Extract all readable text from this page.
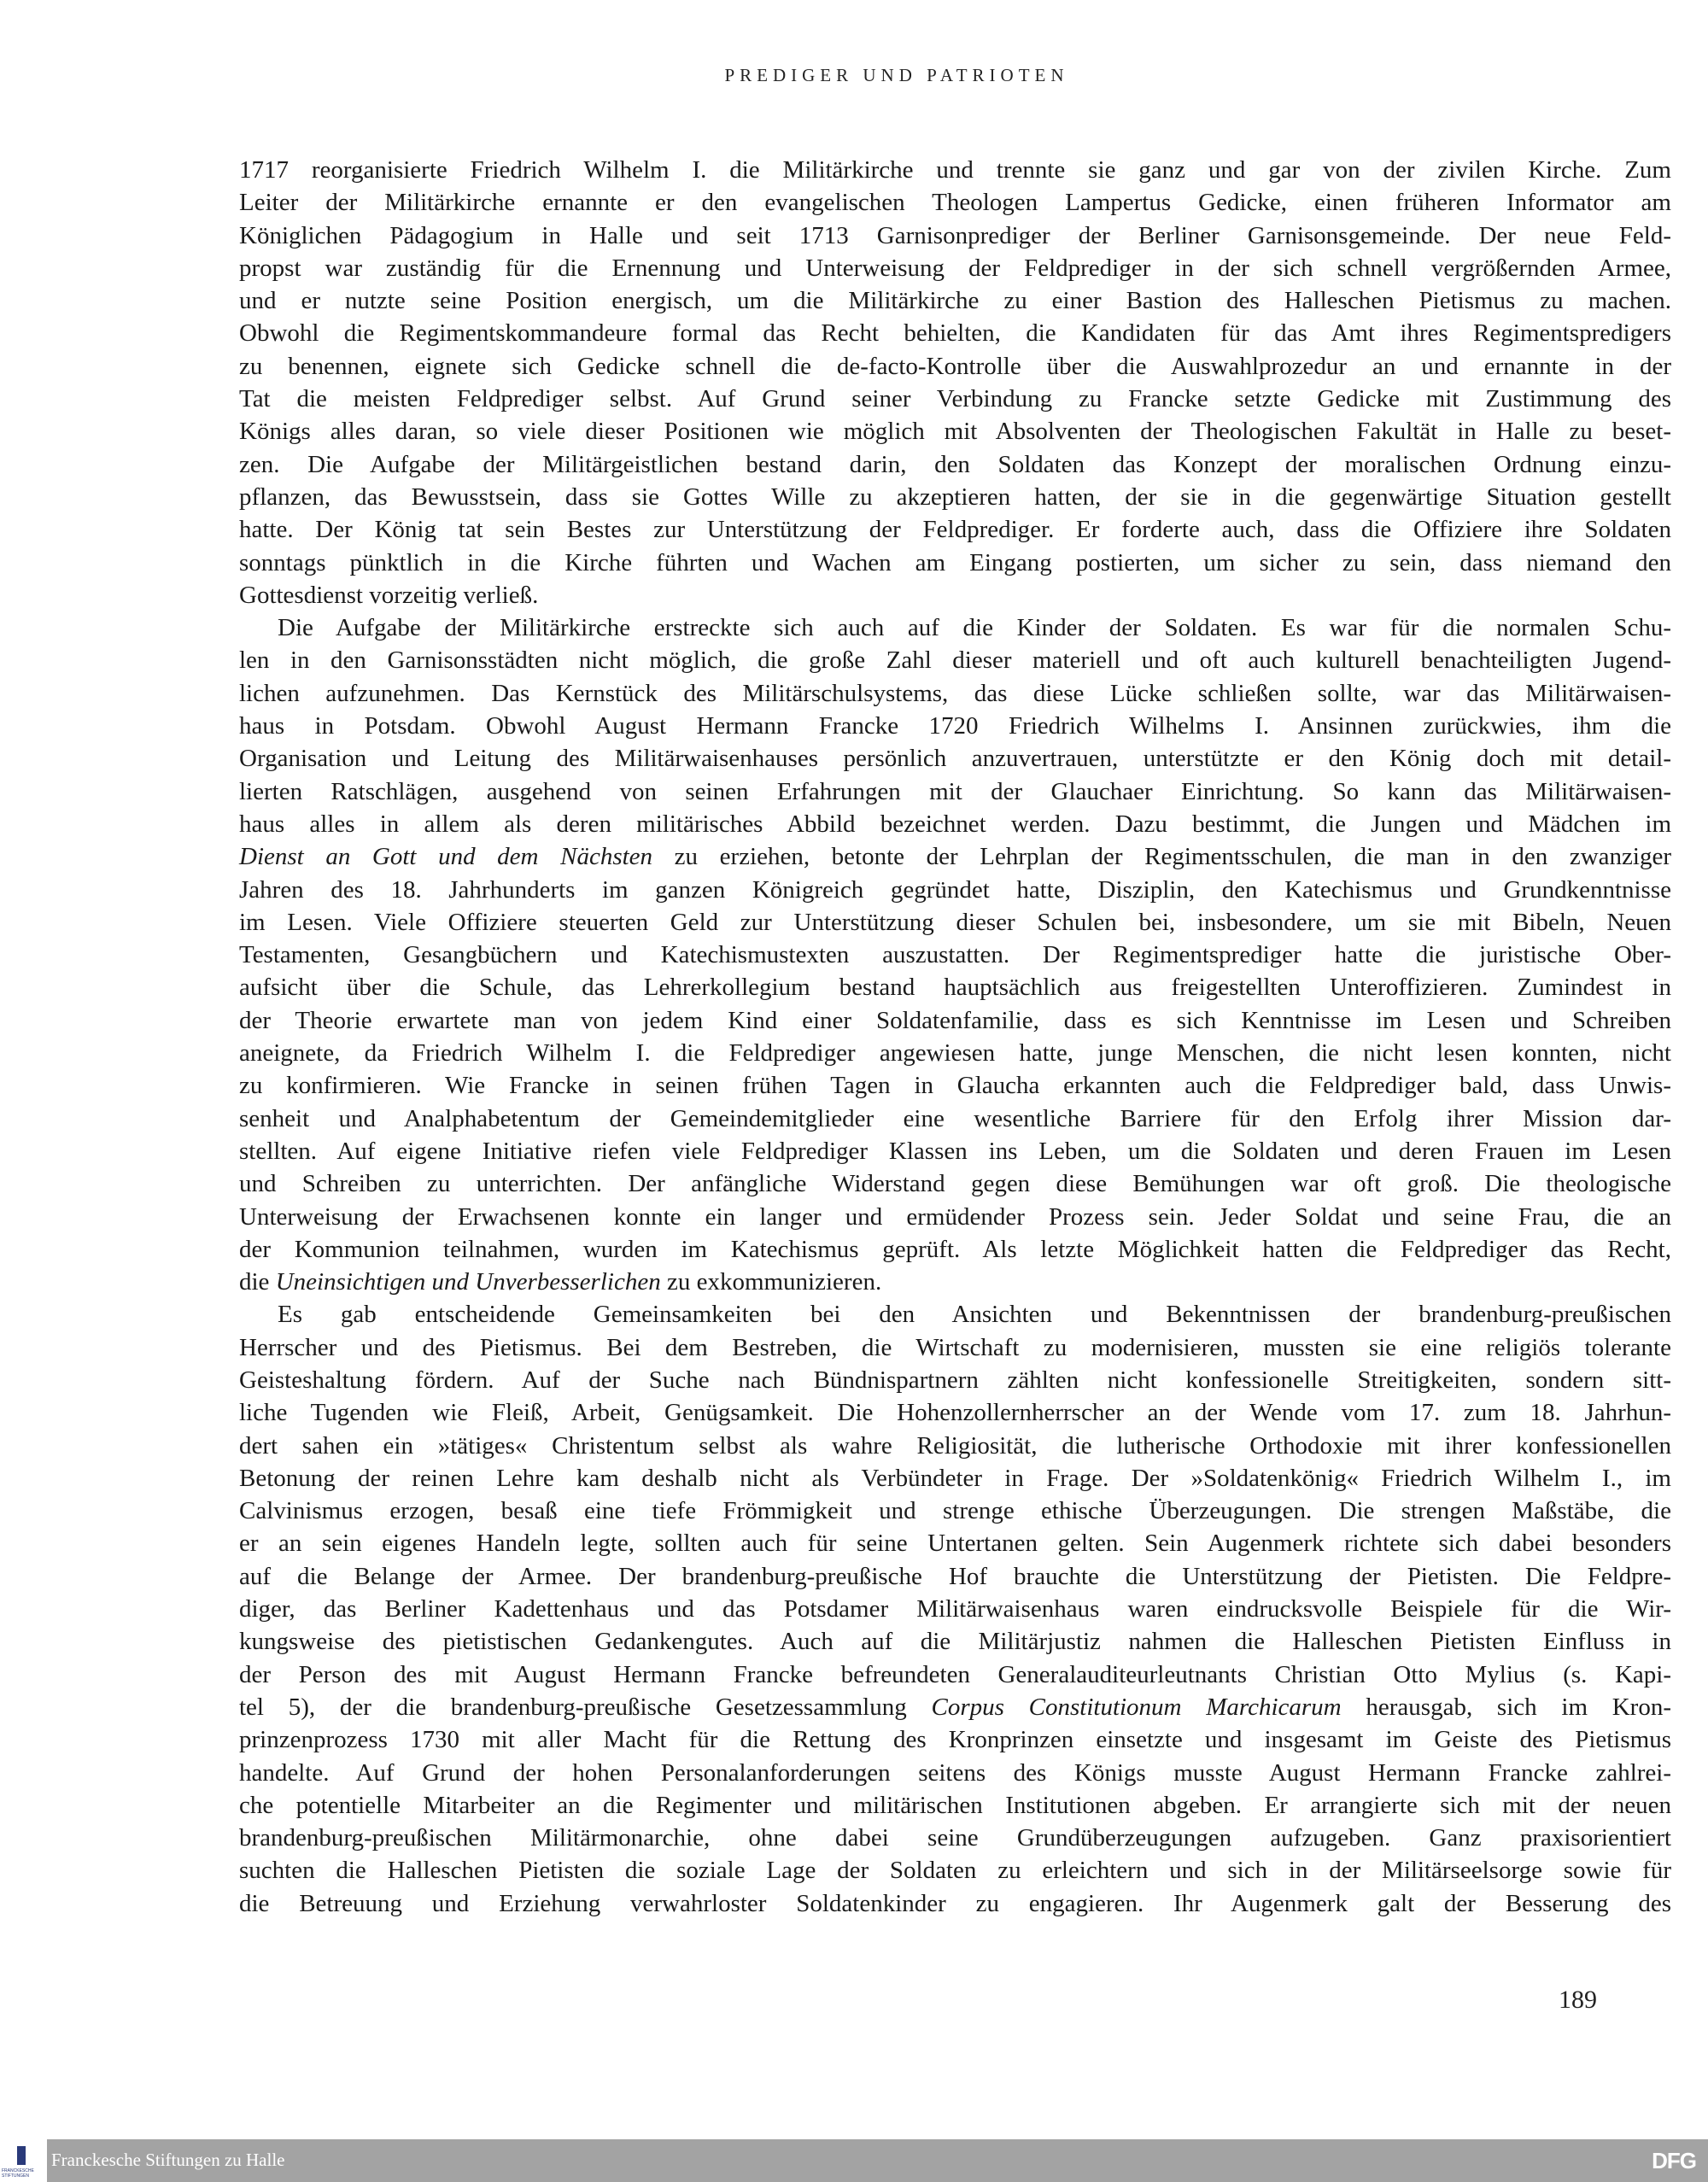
PREDIGER UND PATRIOTEN
1717 reorganisierte Friedrich Wilhelm I. die Militärkirche und trennte sie ganz und gar von der zivilen Kirche. Zum
Leiter der Militärkirche ernannte er den evangelischen Theologen Lampertus Gedicke, einen früheren Informator am
Königlichen Pädagogium in Halle und seit 1713 Garnisonprediger der Berliner Garnisonsgemeinde. Der neue Feld-
propst war zuständig für die Ernennung und Unterweisung der Feldprediger in der sich schnell vergrößernden Armee,
und er nutzte seine Position energisch, um die Militärkirche zu einer Bastion des Halleschen Pietismus zu machen.
Obwohl die Regimentskommandeure formal das Recht behielten, die Kandidaten für das Amt ihres Regimentspredigers
zu benennen, eignete sich Gedicke schnell die de-facto-Kontrolle über die Auswahlprozedur an und ernannte in der
Tat die meisten Feldprediger selbst. Auf Grund seiner Verbindung zu Francke setzte Gedicke mit Zustimmung des
Königs alles daran, so viele dieser Positionen wie möglich mit Absolventen der Theologischen Fakultät in Halle zu beset-
zen. Die Aufgabe der Militärgeistlichen bestand darin, den Soldaten das Konzept der moralischen Ordnung einzu-
pflanzen, das Bewusstsein, dass sie Gottes Wille zu akzeptieren hatten, der sie in die gegenwärtige Situation gestellt
hatte. Der König tat sein Bestes zur Unterstützung der Feldprediger. Er forderte auch, dass die Offiziere ihre Soldaten
sonntags pünktlich in die Kirche führten und Wachen am Eingang postierten, um sicher zu sein, dass niemand den
Gottesdienst vorzeitig verließ.
Die Aufgabe der Militärkirche erstreckte sich auch auf die Kinder der Soldaten. Es war für die normalen Schu-
len in den Garnisonsstädten nicht möglich, die große Zahl dieser materiell und oft auch kulturell benachteiligten Jugend-
lichen aufzunehmen. Das Kernstück des Militärschulsystems, das diese Lücke schließen sollte, war das Militärwaisen-
haus in Potsdam. Obwohl August Hermann Francke 1720 Friedrich Wilhelms I. Ansinnen zurückwies, ihm die
Organisation und Leitung des Militärwaisenhauses persönlich anzuvertrauen, unterstützte er den König doch mit detail-
lierten Ratschlägen, ausgehend von seinen Erfahrungen mit der Glauchaer Einrichtung. So kann das Militärwaisen-
haus alles in allem als deren militärisches Abbild bezeichnet werden. Dazu bestimmt, die Jungen und Mädchen im
Dienst an Gott und dem Nächsten zu erziehen, betonte der Lehrplan der Regimentsschulen, die man in den zwanziger
Jahren des 18. Jahrhunderts im ganzen Königreich gegründet hatte, Disziplin, den Katechismus und Grundkenntnisse
im Lesen. Viele Offiziere steuerten Geld zur Unterstützung dieser Schulen bei, insbesondere, um sie mit Bibeln, Neuen
Testamenten, Gesangbüchern und Katechismustexten auszustatten. Der Regimentsprediger hatte die juristische Ober-
aufsicht über die Schule, das Lehrerkollegium bestand hauptsächlich aus freigestellten Unteroffizieren. Zumindest in
der Theorie erwartete man von jedem Kind einer Soldatenfamilie, dass es sich Kenntnisse im Lesen und Schreiben
aneignete, da Friedrich Wilhelm I. die Feldprediger angewiesen hatte, junge Menschen, die nicht lesen konnten, nicht
zu konfirmieren. Wie Francke in seinen frühen Tagen in Glaucha erkannten auch die Feldprediger bald, dass Unwis-
senheit und Analphabetentum der Gemeindemitglieder eine wesentliche Barriere für den Erfolg ihrer Mission dar-
stellten. Auf eigene Initiative riefen viele Feldprediger Klassen ins Leben, um die Soldaten und deren Frauen im Lesen
und Schreiben zu unterrichten. Der anfängliche Widerstand gegen diese Bemühungen war oft groß. Die theologische
Unterweisung der Erwachsenen konnte ein langer und ermüdender Prozess sein. Jeder Soldat und seine Frau, die an
der Kommunion teilnahmen, wurden im Katechismus geprüft. Als letzte Möglichkeit hatten die Feldprediger das Recht,
die Uneinsichtigen und Unverbesserlichen zu exkommunizieren.
Es gab entscheidende Gemeinsamkeiten bei den Ansichten und Bekenntnissen der brandenburg-preußischen
Herrscher und des Pietismus. Bei dem Bestreben, die Wirtschaft zu modernisieren, mussten sie eine religiös tolerante
Geisteshaltung fördern. Auf der Suche nach Bündnispartnern zählten nicht konfessionelle Streitigkeiten, sondern sitt-
liche Tugenden wie Fleiß, Arbeit, Genügsamkeit. Die Hohenzollernherrscher an der Wende vom 17. zum 18. Jahrhun-
dert sahen ein »tätiges« Christentum selbst als wahre Religiosität, die lutherische Orthodoxie mit ihrer konfessionellen
Betonung der reinen Lehre kam deshalb nicht als Verbündeter in Frage. Der »Soldatenkönig« Friedrich Wilhelm I., im
Calvinismus erzogen, besaß eine tiefe Frömmigkeit und strenge ethische Überzeugungen. Die strengen Maßstäbe, die
er an sein eigenes Handeln legte, sollten auch für seine Untertanen gelten. Sein Augenmerk richtete sich dabei besonders
auf die Belange der Armee. Der brandenburg-preußische Hof brauchte die Unterstützung der Pietisten. Die Feldpre-
diger, das Berliner Kadettenhaus und das Potsdamer Militärwaisenhaus waren eindrucksvolle Beispiele für die Wir-
kungsweise des pietistischen Gedankengutes. Auch auf die Militärjustiz nahmen die Halleschen Pietisten Einfluss in
der Person des mit August Hermann Francke befreundeten Generalauditeurleutnants Christian Otto Mylius (s. Kapi-
tel 5), der die brandenburg-preußische Gesetzessammlung Corpus Constitutionum Marchicarum herausgab, sich im Kron-
prinzenprozess 1730 mit aller Macht für die Rettung des Kronprinzen einsetzte und insgesamt im Geiste des Pietismus
handelte. Auf Grund der hohen Personalanforderungen seitens des Königs musste August Hermann Francke zahlrei-
che potentielle Mitarbeiter an die Regimenter und militärischen Institutionen abgeben. Er arrangierte sich mit der neuen
brandenburg-preußischen Militärmonarchie, ohne dabei seine Grundüberzeugungen aufzugeben. Ganz praxisorientiert
suchten die Halleschen Pietisten die soziale Lage der Soldaten zu erleichtern und sich in der Militärseelsorge sowie für
die Betreuung und Erziehung verwahrloster Soldatenkinder zu engagieren. Ihr Augenmerk galt der Besserung des
189
FRANCKESCHE
STIFTUNGEN
Franckesche Stiftungen zu Halle	DFG
